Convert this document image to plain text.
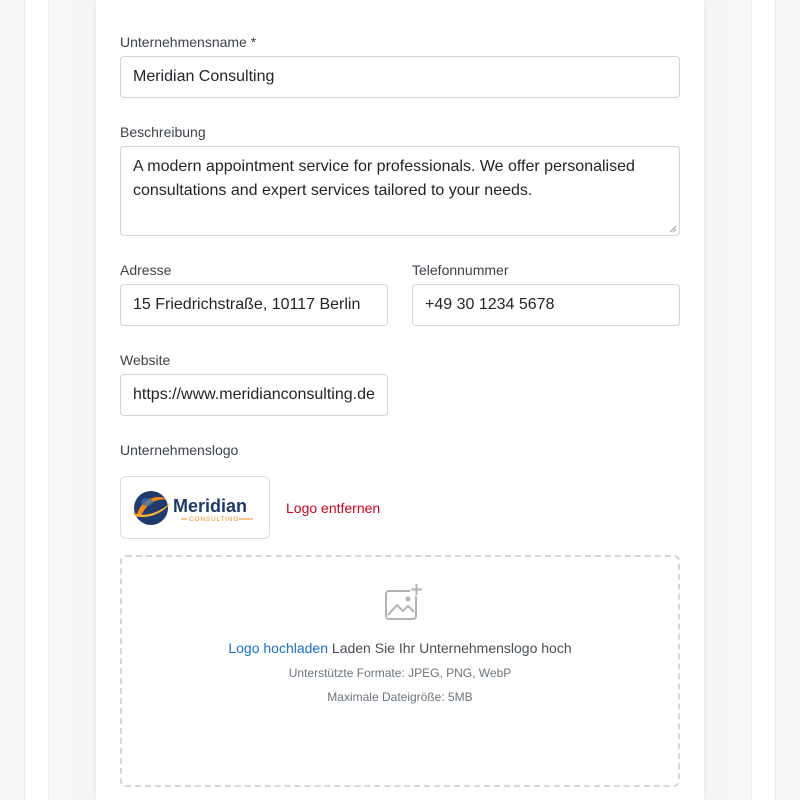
Unternehmensname *
Meridian Consulting
Beschreibung
A modern appointment service for professionals. We offer personalised consultations and expert services tailored to your needs.
Adresse
15 Friedrichstraße, 10117 Berlin
Telefonnummer
+49 30 1234 5678
Website
https://www.meridianconsulting.de
Unternehmenslogo
Meridian
CONSULTING
Logo entfernen
Logo hochladen Laden Sie Ihr Unternehmenslogo hoch
Unterstützte Formate: JPEG, PNG, WebP
Maximale Dateigröße: 5MB
